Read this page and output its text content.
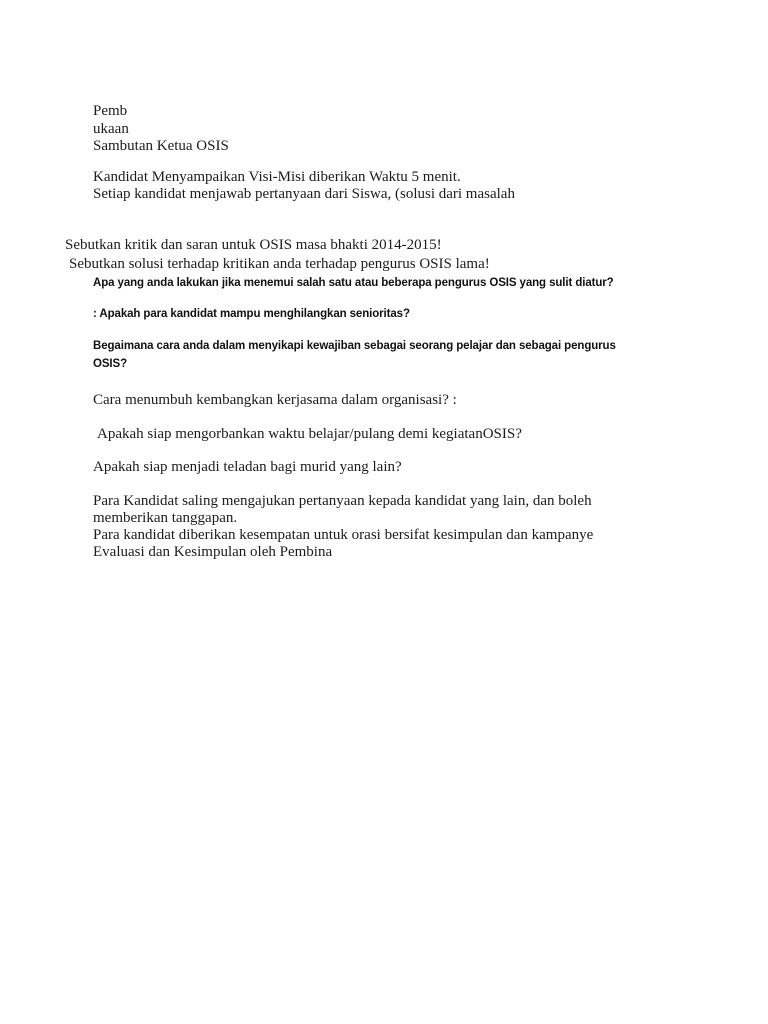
Pemb

ukaan

Sambutan Ketua OSIS

Kandidat Menyampaikan Visi-Misi diberikan Waktu 5 menit.

Setiap kandidat menjawab pertanyaan dari Siswa, (solusi dari masalah

Sebutkan kritik dan saran untuk OSIS masa bhakti 2014-2015!

Sebutkan solusi terhadap kritikan anda terhadap pengurus OSIS lama!

Apa yang anda lakukan jika menemui salah satu atau beberapa pengurus OSIS yang sulit diatur?

: Apakah para kandidat mampu menghilangkan senioritas?

Begaimana cara anda dalam menyikapi kewajiban sebagai seorang pelajar dan sebagai pengurus

OSIS?

Cara menumbuh kembangkan kerjasama dalam organisasi? :

Apakah siap mengorbankan waktu belajar/pulang demi kegiatanOSIS?

Apakah siap menjadi teladan bagi murid yang lain?

Para Kandidat saling mengajukan pertanyaan kepada kandidat yang lain, dan boleh

memberikan tanggapan.

Para kandidat diberikan kesempatan untuk orasi bersifat kesimpulan dan kampanye

Evaluasi dan Kesimpulan oleh Pembina
